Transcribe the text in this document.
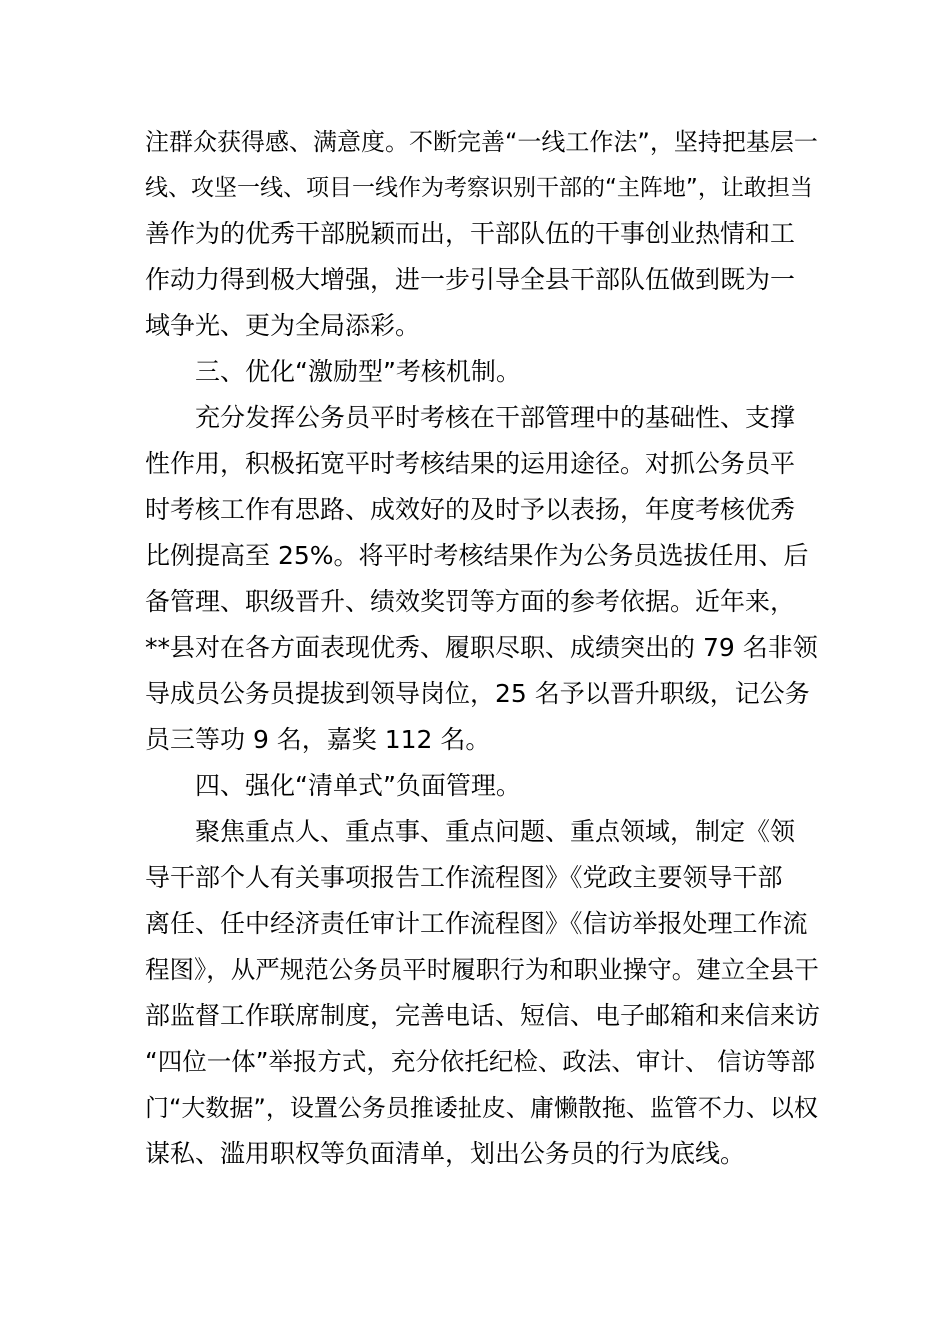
注群众获得感、满意度。不断完善“一线工作法”，坚持把基层一
线、攻坚一线、项目一线作为考察识别干部的“主阵地”，让敢担当
善作为的优秀干部脱颖而出，干部队伍的干事创业热情和工
作动力得到极大增强，进一步引导全县干部队伍做到既为一
域争光、更为全局添彩。
三、优化“激励型”考核机制。
充分发挥公务员平时考核在干部管理中的基础性、支撑
性作用，积极拓宽平时考核结果的运用途径。对抓公务员平
时考核工作有思路、成效好的及时予以表扬，年度考核优秀
比例提高至 25%。将平时考核结果作为公务员选拔任用、后
备管理、职级晋升、绩效奖罚等方面的参考依据。近年来，
**县对在各方面表现优秀、履职尽职、成绩突出的 79 名非领
导成员公务员提拔到领导岗位，25 名予以晋升职级，记公务
员三等功 9 名，嘉奖 112 名。
四、强化“清单式”负面管理。
聚焦重点人、重点事、重点问题、重点领域，制定《领
导干部个人有关事项报告工作流程图》《党政主要领导干部
离任、任中经济责任审计工作流程图》《信访举报处理工作流
程图》，从严规范公务员平时履职行为和职业操守。建立全县干
部监督工作联席制度，完善电话、短信、电子邮箱和来信来访
“四位一体”举报方式，充分依托纪检、政法、审计、 信访等部
门“大数据”，设置公务员推诿扯皮、庸懒散拖、监管不力、以权
谋私、滥用职权等负面清单，划出公务员的行为底线。
